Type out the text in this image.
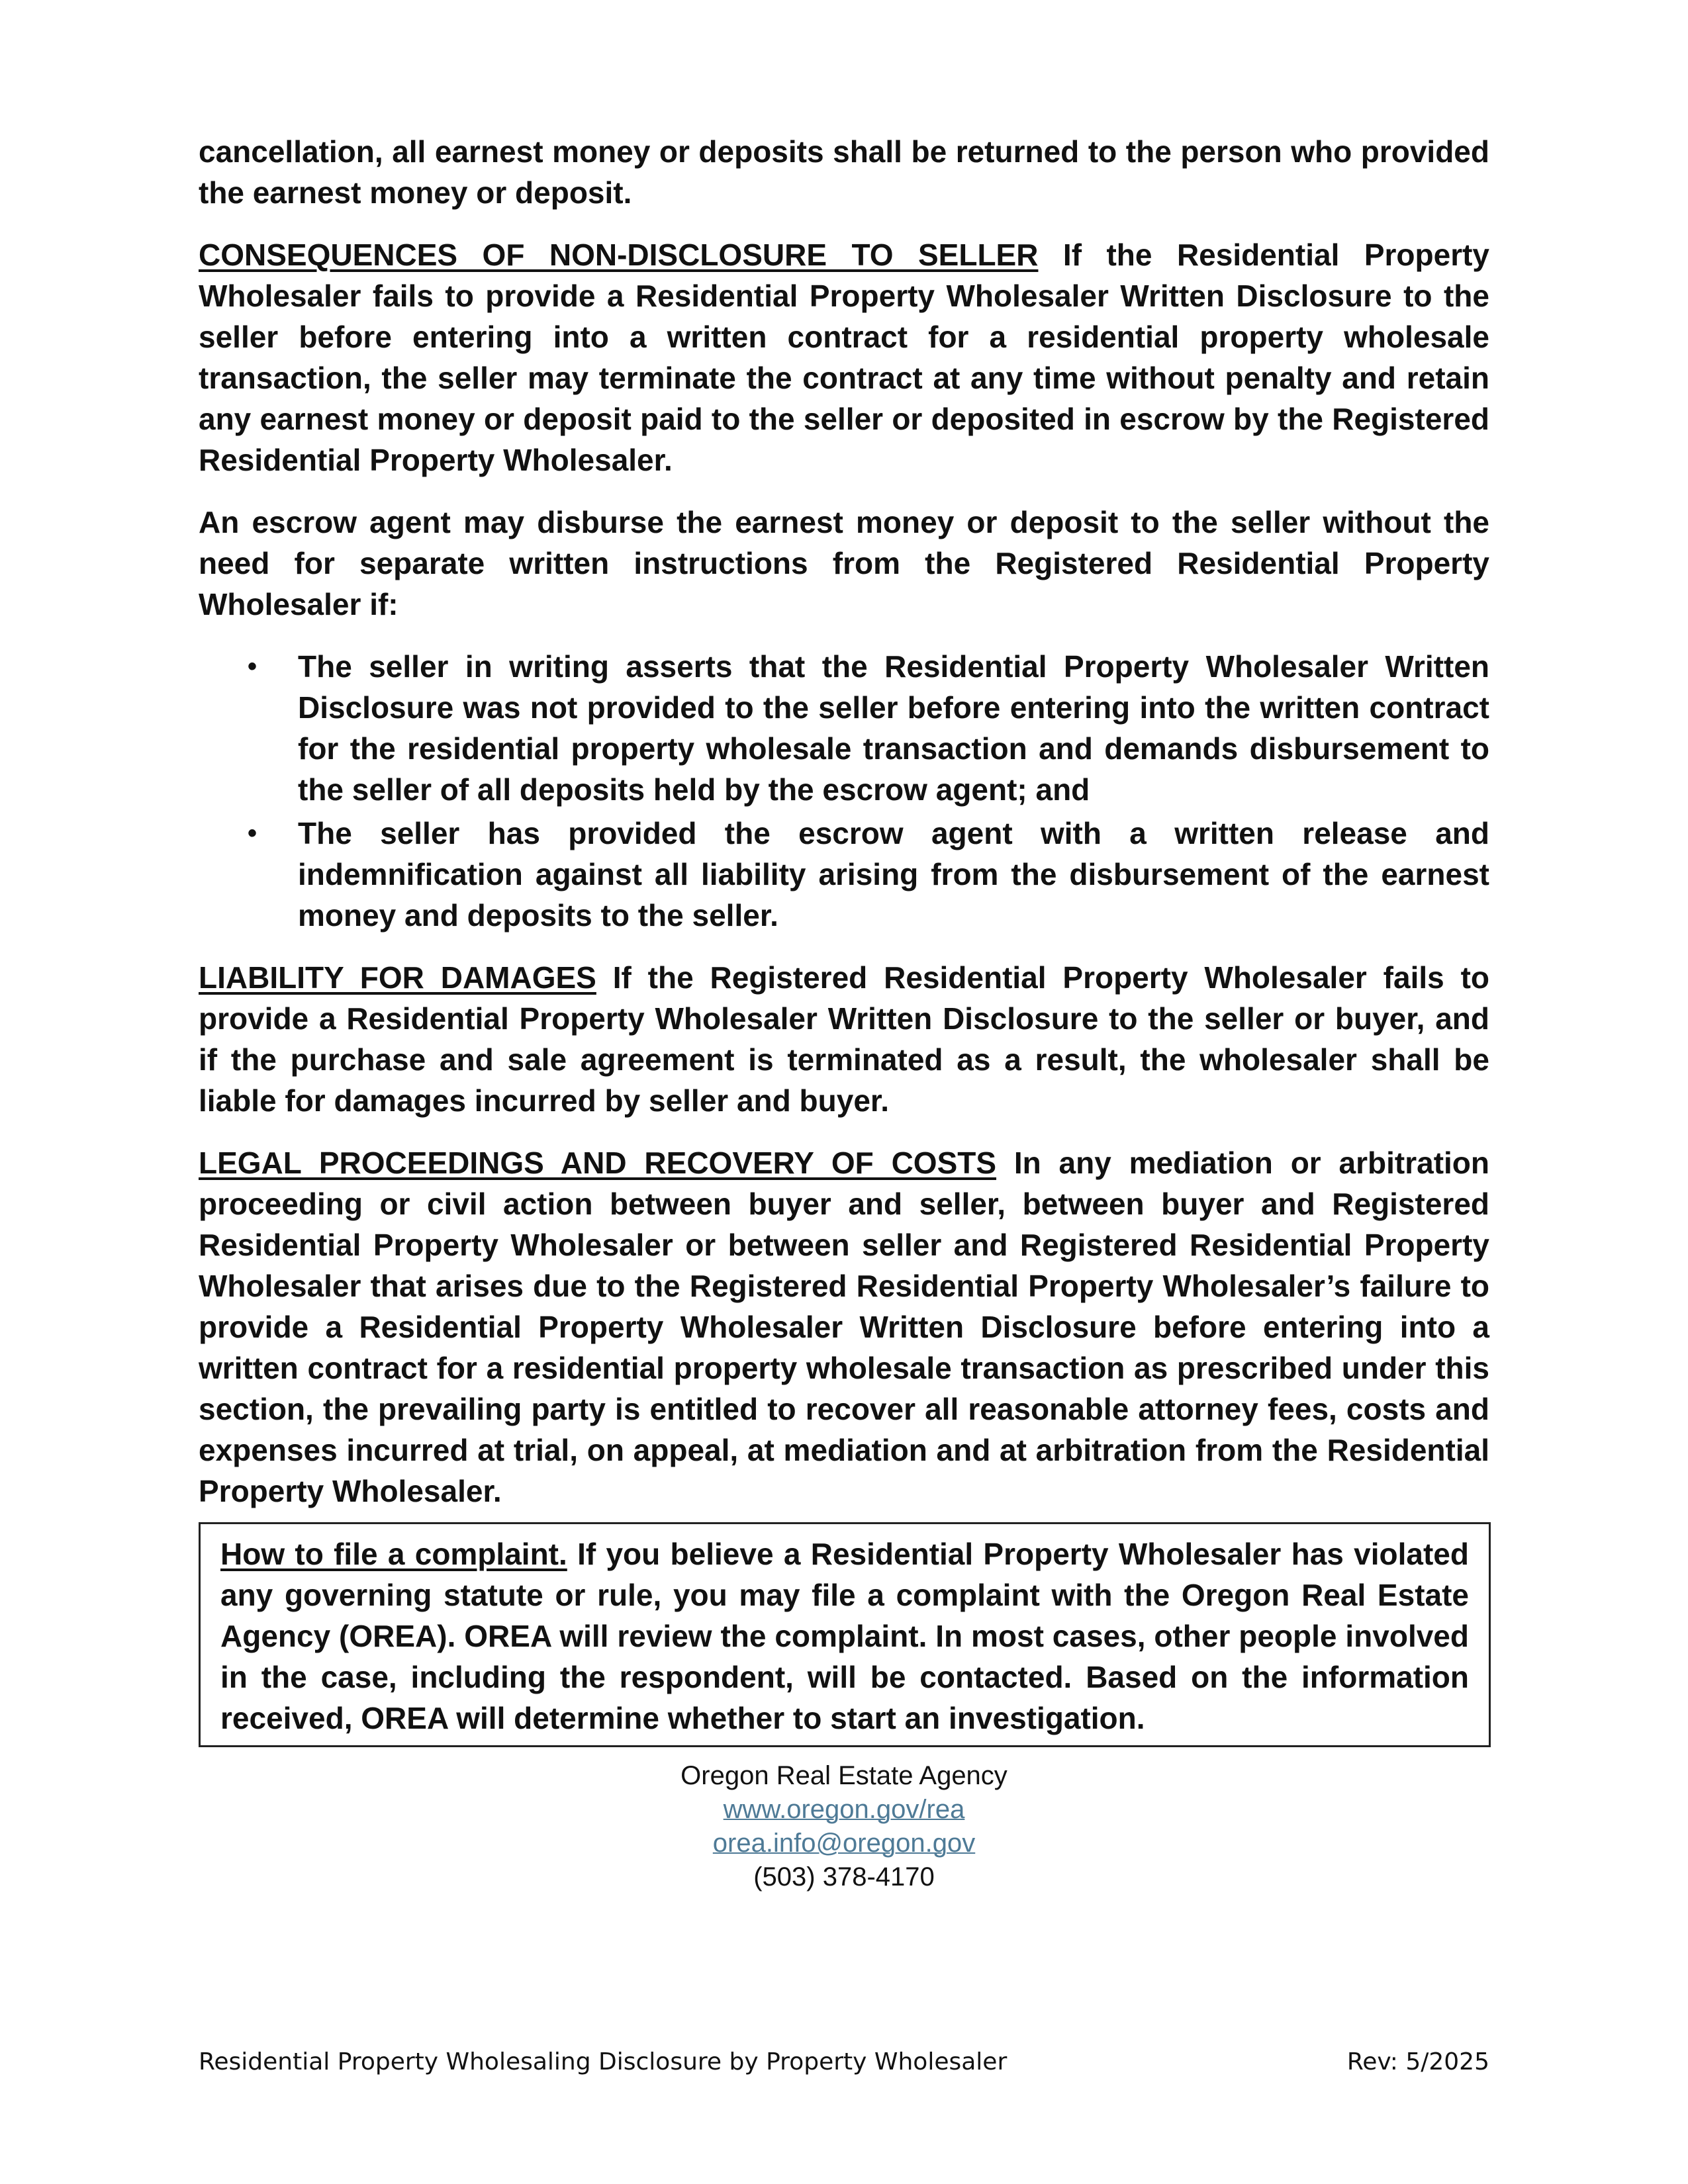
cancellation, all earnest money or deposits shall be returned to the person who provided the earnest money or deposit.

CONSEQUENCES OF NON-DISCLOSURE TO SELLER If the Residential Property Wholesaler fails to provide a Residential Property Wholesaler Written Disclosure to the seller before entering into a written contract for a residential property wholesale transaction, the seller may terminate the contract at any time without penalty and retain any earnest money or deposit paid to the seller or deposited in escrow by the Registered Residential Property Wholesaler.

An escrow agent may disburse the earnest money or deposit to the seller without the need for separate written instructions from the Registered Residential Property Wholesaler if:

• The seller in writing asserts that the Residential Property Wholesaler Written Disclosure was not provided to the seller before entering into the written contract for the residential property wholesale transaction and demands disbursement to the seller of all deposits held by the escrow agent; and
• The seller has provided the escrow agent with a written release and indemnification against all liability arising from the disbursement of the earnest money and deposits to the seller.

LIABILITY FOR DAMAGES If the Registered Residential Property Wholesaler fails to provide a Residential Property Wholesaler Written Disclosure to the seller or buyer, and if the purchase and sale agreement is terminated as a result, the wholesaler shall be liable for damages incurred by seller and buyer.

LEGAL PROCEEDINGS AND RECOVERY OF COSTS In any mediation or arbitration proceeding or civil action between buyer and seller, between buyer and Registered Residential Property Wholesaler or between seller and Registered Residential Property Wholesaler that arises due to the Registered Residential Property Wholesaler’s failure to provide a Residential Property Wholesaler Written Disclosure before entering into a written contract for a residential property wholesale transaction as prescribed under this section, the prevailing party is entitled to recover all reasonable attorney fees, costs and expenses incurred at trial, on appeal, at mediation and at arbitration from the Residential Property Wholesaler.

How to file a complaint. If you believe a Residential Property Wholesaler has violated any governing statute or rule, you may file a complaint with the Oregon Real Estate Agency (OREA). OREA will review the complaint. In most cases, other people involved in the case, including the respondent, will be contacted. Based on the information received, OREA will determine whether to start an investigation.

Oregon Real Estate Agency
www.oregon.gov/rea
orea.info@oregon.gov
(503) 378-4170
Residential Property Wholesaling Disclosure by Property Wholesaler	Rev: 5/2025
